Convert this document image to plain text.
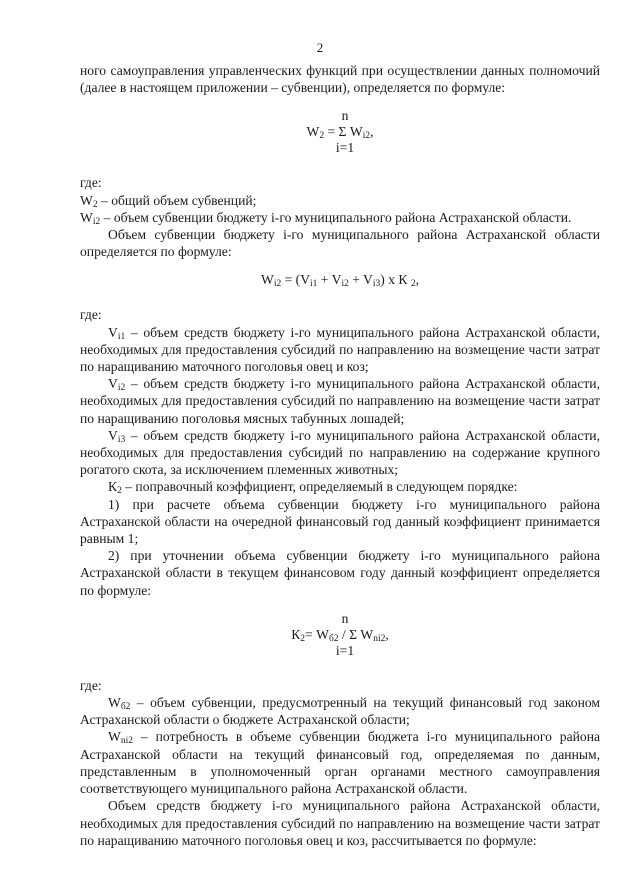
2

ного самоуправления управленческих функций при осуществлении данных полномочий (далее в настоящем приложении – субвенции), определяется по формуле:

n

$W_2 = \Sigma$ $W_{i2}$,

i=1

где:

$W_2$ – общий объем субвенций;

$W_{i2}$ – объем субвенции бюджету i-го муниципального района Астраханской области.

Объем субвенции бюджету i-го муниципального района Астраханской области определяется по формуле:

$W_{i2} = (V_{i1} + V_{i2} + V_{i3})$ x К $_2$,

где:

$V_{i1}$ – объем средств бюджету i-го муниципального района Астраханской области, необходимых для предоставления субсидий по направлению на возмещение части затрат по наращиванию маточного поголовья овец и коз;

$V_{i2}$ – объем средств бюджету i-го муниципального района Астраханской области, необходимых для предоставления субсидий по направлению на возмещение части затрат по наращиванию поголовья мясных табунных лошадей;

$V_{i3}$ – объем средств бюджету i-го муниципального района Астраханской области, необходимых для предоставления субсидий по направлению на содержание крупного рогатого скота, за исключением племенных животных;

$К_2$ – поправочный коэффициент, определяемый в следующем порядке:

1) при расчете объема субвенции бюджету i-го муниципального района Астраханской области на очередной финансовый год данный коэффициент принимается равным 1;

2) при уточнении объема субвенции бюджету i-го муниципального района Астраханской области в текущем финансовом году данный коэффициент определяется по формуле:

n

$К_2= W_{б2} / \Sigma$ $W_{ni2}$,

i=1

где:

$W_{б2}$ – объем субвенции, предусмотренный на текущий финансовый год законом Астраханской области о бюджете Астраханской области;

$W_{ni2}$ – потребность в объеме субвенции бюджета i-го муниципального района Астраханской области на текущий финансовый год, определяемая по данным, представленным в уполномоченный орган органами местного самоуправления соответствующего муниципального района Астраханской области.

Объем средств бюджету i-го муниципального района Астраханской области, необходимых для предоставления субсидий по направлению на возмещение части затрат по наращиванию маточного поголовья овец и коз, рассчитывается по формуле:
